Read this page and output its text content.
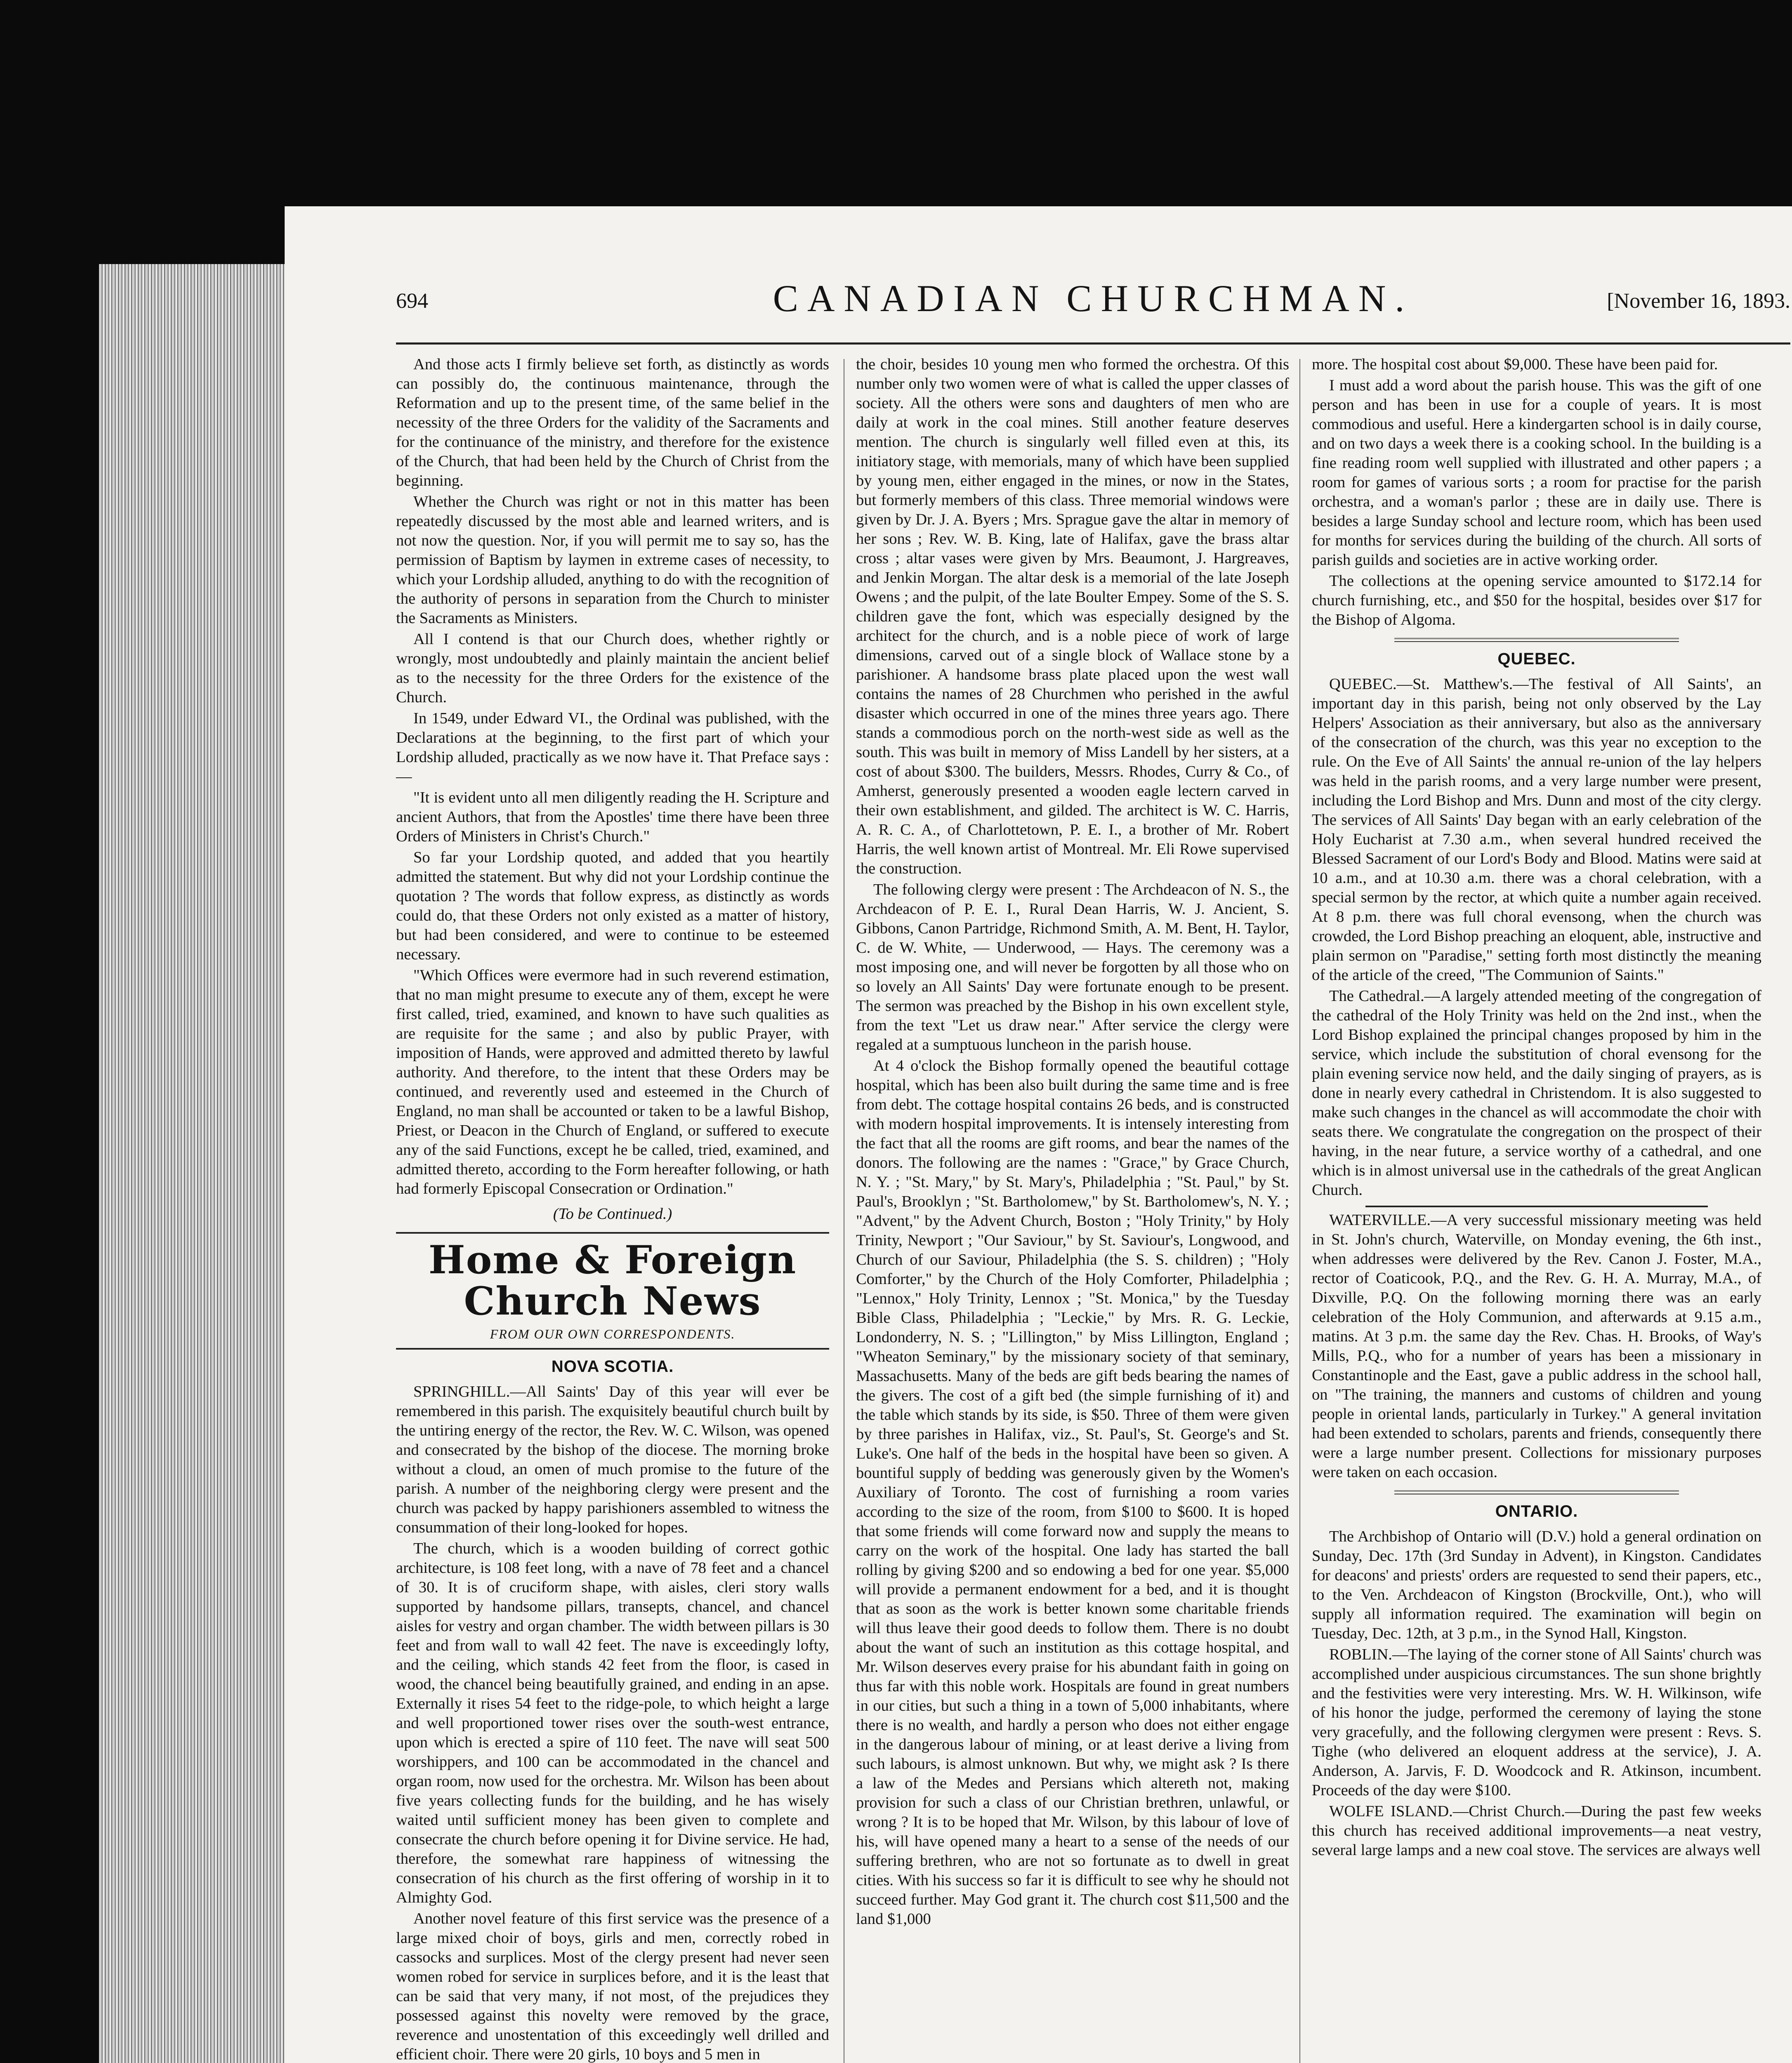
694	CANADIAN CHURCHMAN.	[November 16, 1893.

And those acts I firmly believe set forth, as distinctly as words can possibly do, the continuous maintenance, through the Reformation and up to the present time, of the same belief in the necessity of the three Orders for the validity of the Sacraments and for the continuance of the ministry, and therefore for the existence of the Church, that had been held by the Church of Christ from the beginning.

Whether the Church was right or not in this matter has been repeatedly discussed by the most able and learned writers, and is not now the question. Nor, if you will permit me to say so, has the permission of Baptism by laymen in extreme cases of necessity, to which your Lordship alluded, anything to do with the recognition of the authority of persons in separation from the Church to minister the Sacraments as Ministers.

All I contend is that our Church does, whether rightly or wrongly, most undoubtedly and plainly maintain the ancient belief as to the necessity for the three Orders for the existence of the Church.

In 1549, under Edward VI., the Ordinal was published, with the Declarations at the beginning, to the first part of which your Lordship alluded, practically as we now have it. That Preface says :—

"It is evident unto all men diligently reading the H. Scripture and ancient Authors, that from the Apostles' time there have been three Orders of Ministers in Christ's Church."

So far your Lordship quoted, and added that you heartily admitted the statement. But why did not your Lordship continue the quotation ? The words that follow express, as distinctly as words could do, that these Orders not only existed as a matter of history, but had been considered, and were to continue to be esteemed necessary.

"Which Offices were evermore had in such reverend estimation, that no man might presume to execute any of them, except he were first called, tried, examined, and known to have such qualities as are requisite for the same ; and also by public Prayer, with imposition of Hands, were approved and admitted thereto by lawful authority. And therefore, to the intent that these Orders may be continued, and reverently used and esteemed in the Church of England, no man shall be accounted or taken to be a lawful Bishop, Priest, or Deacon in the Church of England, or suffered to execute any of the said Functions, except he be called, tried, examined, and admitted thereto, according to the Form hereafter following, or hath had formerly Episcopal Consecration or Ordination."

(To be Continued.)

Home & Foreign Church News
FROM OUR OWN CORRESPONDENTS.
NOVA SCOTIA.

SPRINGHILL.—All Saints' Day of this year will ever be remembered in this parish. The exquisitely beautiful church built by the untiring energy of the rector, the Rev. W. C. Wilson, was opened and consecrated by the bishop of the diocese. The morning broke without a cloud, an omen of much promise to the future of the parish. A number of the neighboring clergy were present and the church was packed by happy parishioners assembled to witness the consummation of their long-looked for hopes.

The church, which is a wooden building of correct gothic architecture, is 108 feet long, with a nave of 78 feet and a chancel of 30. It is of cruciform shape, with aisles, cleri story walls supported by handsome pillars, transepts, chancel, and chancel aisles for vestry and organ chamber. The width between pillars is 30 feet and from wall to wall 42 feet. The nave is exceedingly lofty, and the ceiling, which stands 42 feet from the floor, is cased in wood, the chancel being beautifully grained, and ending in an apse. Externally it rises 54 feet to the ridge-pole, to which height a large and well proportioned tower rises over the south-west entrance, upon which is erected a spire of 110 feet. The nave will seat 500 worshippers, and 100 can be accommodated in the chancel and organ room, now used for the orchestra. Mr. Wilson has been about five years collecting funds for the building, and he has wisely waited until sufficient money has been given to complete and consecrate the church before opening it for Divine service. He had, therefore, the somewhat rare happiness of witnessing the consecration of his church as the first offering of worship in it to Almighty God.

Another novel feature of this first service was the presence of a large mixed choir of boys, girls and men, correctly robed in cassocks and surplices. Most of the clergy present had never seen women robed for service in surplices before, and it is the least that can be said that very many, if not most, of the prejudices they possessed against this novelty were removed by the grace, reverence and unostentation of this exceedingly well drilled and efficient choir. There were 20 girls, 10 boys and 5 men in

the choir, besides 10 young men who formed the orchestra. Of this number only two women were of what is called the upper classes of society. All the others were sons and daughters of men who are daily at work in the coal mines. Still another feature deserves mention. The church is singularly well filled even at this, its initiatory stage, with memorials, many of which have been supplied by young men, either engaged in the mines, or now in the States, but formerly members of this class. Three memorial windows were given by Dr. J. A. Byers ; Mrs. Sprague gave the altar in memory of her sons ; Rev. W. B. King, late of Halifax, gave the brass altar cross ; altar vases were given by Mrs. Beaumont, J. Hargreaves, and Jenkin Morgan. The altar desk is a memorial of the late Joseph Owens ; and the pulpit, of the late Boulter Empey. Some of the S. S. children gave the font, which was especially designed by the architect for the church, and is a noble piece of work of large dimensions, carved out of a single block of Wallace stone by a parishioner. A handsome brass plate placed upon the west wall contains the names of 28 Churchmen who perished in the awful disaster which occurred in one of the mines three years ago. There stands a commodious porch on the north-west side as well as the south. This was built in memory of Miss Landell by her sisters, at a cost of about $300. The builders, Messrs. Rhodes, Curry & Co., of Amherst, generously presented a wooden eagle lectern carved in their own establishment, and gilded. The architect is W. C. Harris, A. R. C. A., of Charlottetown, P. E. I., a brother of Mr. Robert Harris, the well known artist of Montreal. Mr. Eli Rowe supervised the construction.

The following clergy were present : The Archdeacon of N. S., the Archdeacon of P. E. I., Rural Dean Harris, W. J. Ancient, S. Gibbons, Canon Partridge, Richmond Smith, A. M. Bent, H. Taylor, C. de W. White, — Underwood, — Hays. The ceremony was a most imposing one, and will never be forgotten by all those who on so lovely an All Saints' Day were fortunate enough to be present. The sermon was preached by the Bishop in his own excellent style, from the text "Let us draw near." After service the clergy were regaled at a sumptuous luncheon in the parish house.

At 4 o'clock the Bishop formally opened the beautiful cottage hospital, which has been also built during the same time and is free from debt. The cottage hospital contains 26 beds, and is constructed with modern hospital improvements. It is intensely interesting from the fact that all the rooms are gift rooms, and bear the names of the donors. The following are the names : "Grace," by Grace Church, N. Y. ; "St. Mary," by St. Mary's, Philadelphia ; "St. Paul," by St. Paul's, Brooklyn ; "St. Bartholomew," by St. Bartholomew's, N. Y. ; "Advent," by the Advent Church, Boston ; "Holy Trinity," by Holy Trinity, Newport ; "Our Saviour," by St. Saviour's, Longwood, and Church of our Saviour, Philadelphia (the S. S. children) ; "Holy Comforter," by the Church of the Holy Comforter, Philadelphia ; "Lennox," Holy Trinity, Lennox ; "St. Monica," by the Tuesday Bible Class, Philadelphia ; "Leckie," by Mrs. R. G. Leckie, Londonderry, N. S. ; "Lillington," by Miss Lillington, England ; "Wheaton Seminary," by the missionary society of that seminary, Massachusetts. Many of the beds are gift beds bearing the names of the givers. The cost of a gift bed (the simple furnishing of it) and the table which stands by its side, is $50. Three of them were given by three parishes in Halifax, viz., St. Paul's, St. George's and St. Luke's. One half of the beds in the hospital have been so given. A bountiful supply of bedding was generously given by the Women's Auxiliary of Toronto. The cost of furnishing a room varies according to the size of the room, from $100 to $600. It is hoped that some friends will come forward now and supply the means to carry on the work of the hospital. One lady has started the ball rolling by giving $200 and so endowing a bed for one year. $5,000 will provide a permanent endowment for a bed, and it is thought that as soon as the work is better known some charitable friends will thus leave their good deeds to follow them. There is no doubt about the want of such an institution as this cottage hospital, and Mr. Wilson deserves every praise for his abundant faith in going on thus far with this noble work. Hospitals are found in great numbers in our cities, but such a thing in a town of 5,000 inhabitants, where there is no wealth, and hardly a person who does not either engage in the dangerous labour of mining, or at least derive a living from such labours, is almost unknown. But why, we might ask ? Is there a law of the Medes and Persians which altereth not, making provision for such a class of our Christian brethren, unlawful, or wrong ? It is to be hoped that Mr. Wilson, by this labour of love of his, will have opened many a heart to a sense of the needs of our suffering brethren, who are not so fortunate as to dwell in great cities. With his success so far it is difficult to see why he should not succeed further. May God grant it. The church cost $11,500 and the land $1,000

more. The hospital cost about $9,000. These have been paid for.

I must add a word about the parish house. This was the gift of one person and has been in use for a couple of years. It is most commodious and useful. Here a kindergarten school is in daily course, and on two days a week there is a cooking school. In the building is a fine reading room well supplied with illustrated and other papers ; a room for games of various sorts ; a room for practise for the parish orchestra, and a woman's parlor ; these are in daily use. There is besides a large Sunday school and lecture room, which has been used for months for services during the building of the church. All sorts of parish guilds and societies are in active working order.

The collections at the opening service amounted to $172.14 for church furnishing, etc., and $50 for the hospital, besides over $17 for the Bishop of Algoma.

QUEBEC.

QUEBEC.—St. Matthew's.—The festival of All Saints', an important day in this parish, being not only observed by the Lay Helpers' Association as their anniversary, but also as the anniversary of the consecration of the church, was this year no exception to the rule. On the Eve of All Saints' the annual re-union of the lay helpers was held in the parish rooms, and a very large number were present, including the Lord Bishop and Mrs. Dunn and most of the city clergy. The services of All Saints' Day began with an early celebration of the Holy Eucharist at 7.30 a.m., when several hundred received the Blessed Sacrament of our Lord's Body and Blood. Matins were said at 10 a.m., and at 10.30 a.m. there was a choral celebration, with a special sermon by the rector, at which quite a number again received. At 8 p.m. there was full choral evensong, when the church was crowded, the Lord Bishop preaching an eloquent, able, instructive and plain sermon on "Paradise," setting forth most distinctly the meaning of the article of the creed, "The Communion of Saints."

The Cathedral.—A largely attended meeting of the congregation of the cathedral of the Holy Trinity was held on the 2nd inst., when the Lord Bishop explained the principal changes proposed by him in the service, which include the substitution of choral evensong for the plain evening service now held, and the daily singing of prayers, as is done in nearly every cathedral in Christendom. It is also suggested to make such changes in the chancel as will accommodate the choir with seats there. We congratulate the congregation on the prospect of their having, in the near future, a service worthy of a cathedral, and one which is in almost universal use in the cathedrals of the great Anglican Church.

WATERVILLE.—A very successful missionary meeting was held in St. John's church, Waterville, on Monday evening, the 6th inst., when addresses were delivered by the Rev. Canon J. Foster, M.A., rector of Coaticook, P.Q., and the Rev. G. H. A. Murray, M.A., of Dixville, P.Q. On the following morning there was an early celebration of the Holy Communion, and afterwards at 9.15 a.m., matins. At 3 p.m. the same day the Rev. Chas. H. Brooks, of Way's Mills, P.Q., who for a number of years has been a missionary in Constantinople and the East, gave a public address in the school hall, on "The training, the manners and customs of children and young people in oriental lands, particularly in Turkey." A general invitation had been extended to scholars, parents and friends, consequently there were a large number present. Collections for missionary purposes were taken on each occasion.

ONTARIO.

The Archbishop of Ontario will (D.V.) hold a general ordination on Sunday, Dec. 17th (3rd Sunday in Advent), in Kingston. Candidates for deacons' and priests' orders are requested to send their papers, etc., to the Ven. Archdeacon of Kingston (Brockville, Ont.), who will supply all information required. The examination will begin on Tuesday, Dec. 12th, at 3 p.m., in the Synod Hall, Kingston.

ROBLIN.—The laying of the corner stone of All Saints' church was accomplished under auspicious circumstances. The sun shone brightly and the festivities were very interesting. Mrs. W. H. Wilkinson, wife of his honor the judge, performed the ceremony of laying the stone very gracefully, and the following clergymen were present : Revs. S. Tighe (who delivered an eloquent address at the service), J. A. Anderson, A. Jarvis, F. D. Woodcock and R. Atkinson, incumbent. Proceeds of the day were $100.

WOLFE ISLAND.—Christ Church.—During the past few weeks this church has received additional improvements—a neat vestry, several large lamps and a new coal stove. The services are always well
